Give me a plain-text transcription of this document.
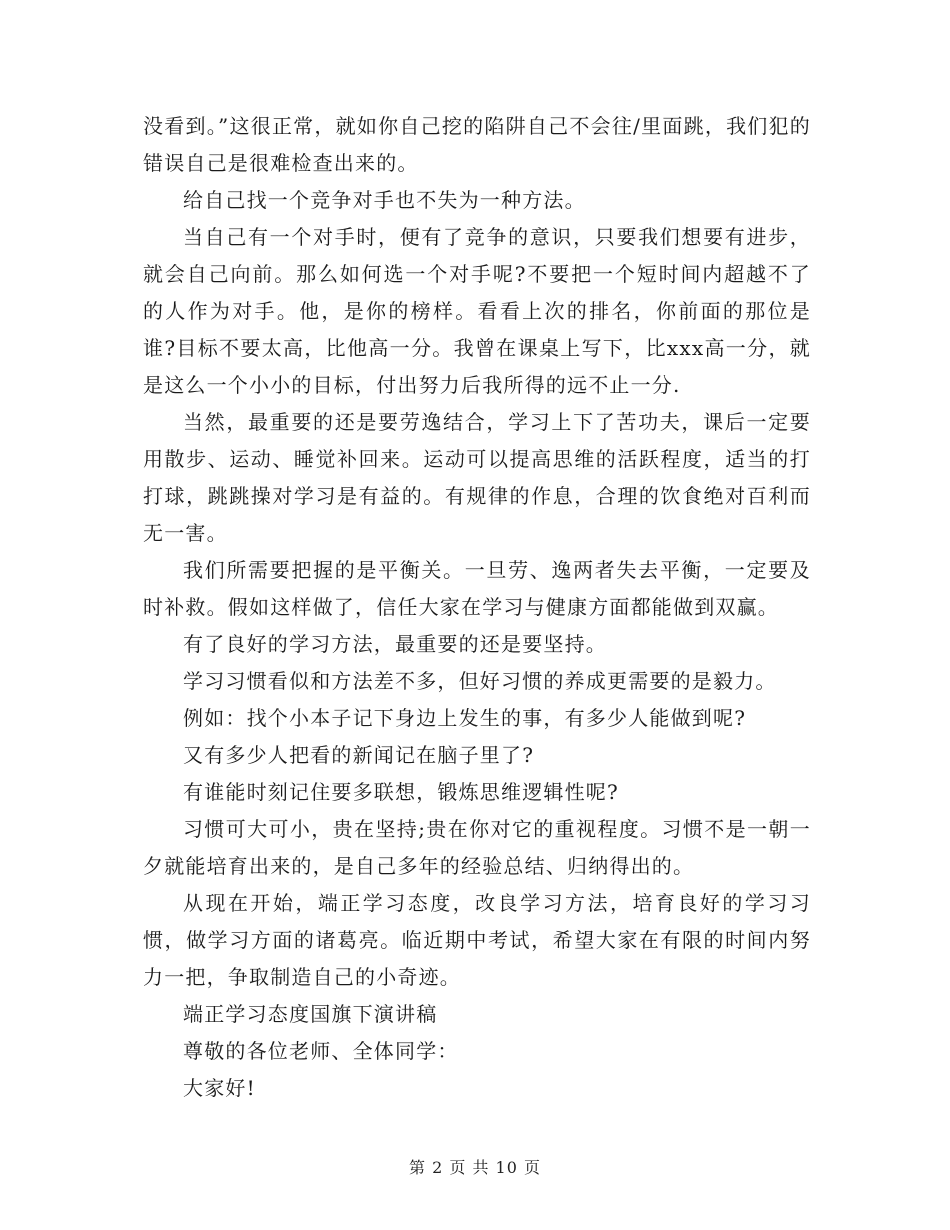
没看到。”这很正常，就如你自己挖的陷阱自己不会往/里面跳，我们犯的错误自己是很难检查出来的。

给自己找一个竞争对手也不失为一种方法。

当自己有一个对手时，便有了竞争的意识，只要我们想要有进步，就会自己向前。那么如何选一个对手呢?不要把一个短时间内超越不了的人作为对手。他，是你的榜样。看看上次的排名，你前面的那位是谁?目标不要太高，比他高一分。我曾在课桌上写下，比xxx高一分，就是这么一个小小的目标，付出努力后我所得的远不止一分.

当然，最重要的还是要劳逸结合，学习上下了苦功夫，课后一定要用散步、运动、睡觉补回来。运动可以提高思维的活跃程度，适当的打打球，跳跳操对学习是有益的。有规律的作息，合理的饮食绝对百利而无一害。

我们所需要把握的是平衡关。一旦劳、逸两者失去平衡，一定要及时补救。假如这样做了，信任大家在学习与健康方面都能做到双赢。

有了良好的学习方法，最重要的还是要坚持。

学习习惯看似和方法差不多，但好习惯的养成更需要的是毅力。

例如：找个小本子记下身边上发生的事，有多少人能做到呢?

又有多少人把看的新闻记在脑子里了?

有谁能时刻记住要多联想，锻炼思维逻辑性呢?

习惯可大可小，贵在坚持;贵在你对它的重视程度。习惯不是一朝一夕就能培育出来的，是自己多年的经验总结、归纳得出的。

从现在开始，端正学习态度，改良学习方法，培育良好的学习习惯，做学习方面的诸葛亮。临近期中考试，希望大家在有限的时间内努力一把，争取制造自己的小奇迹。

端正学习态度国旗下演讲稿

尊敬的各位老师、全体同学：

大家好!

第 2 页 共 10 页
